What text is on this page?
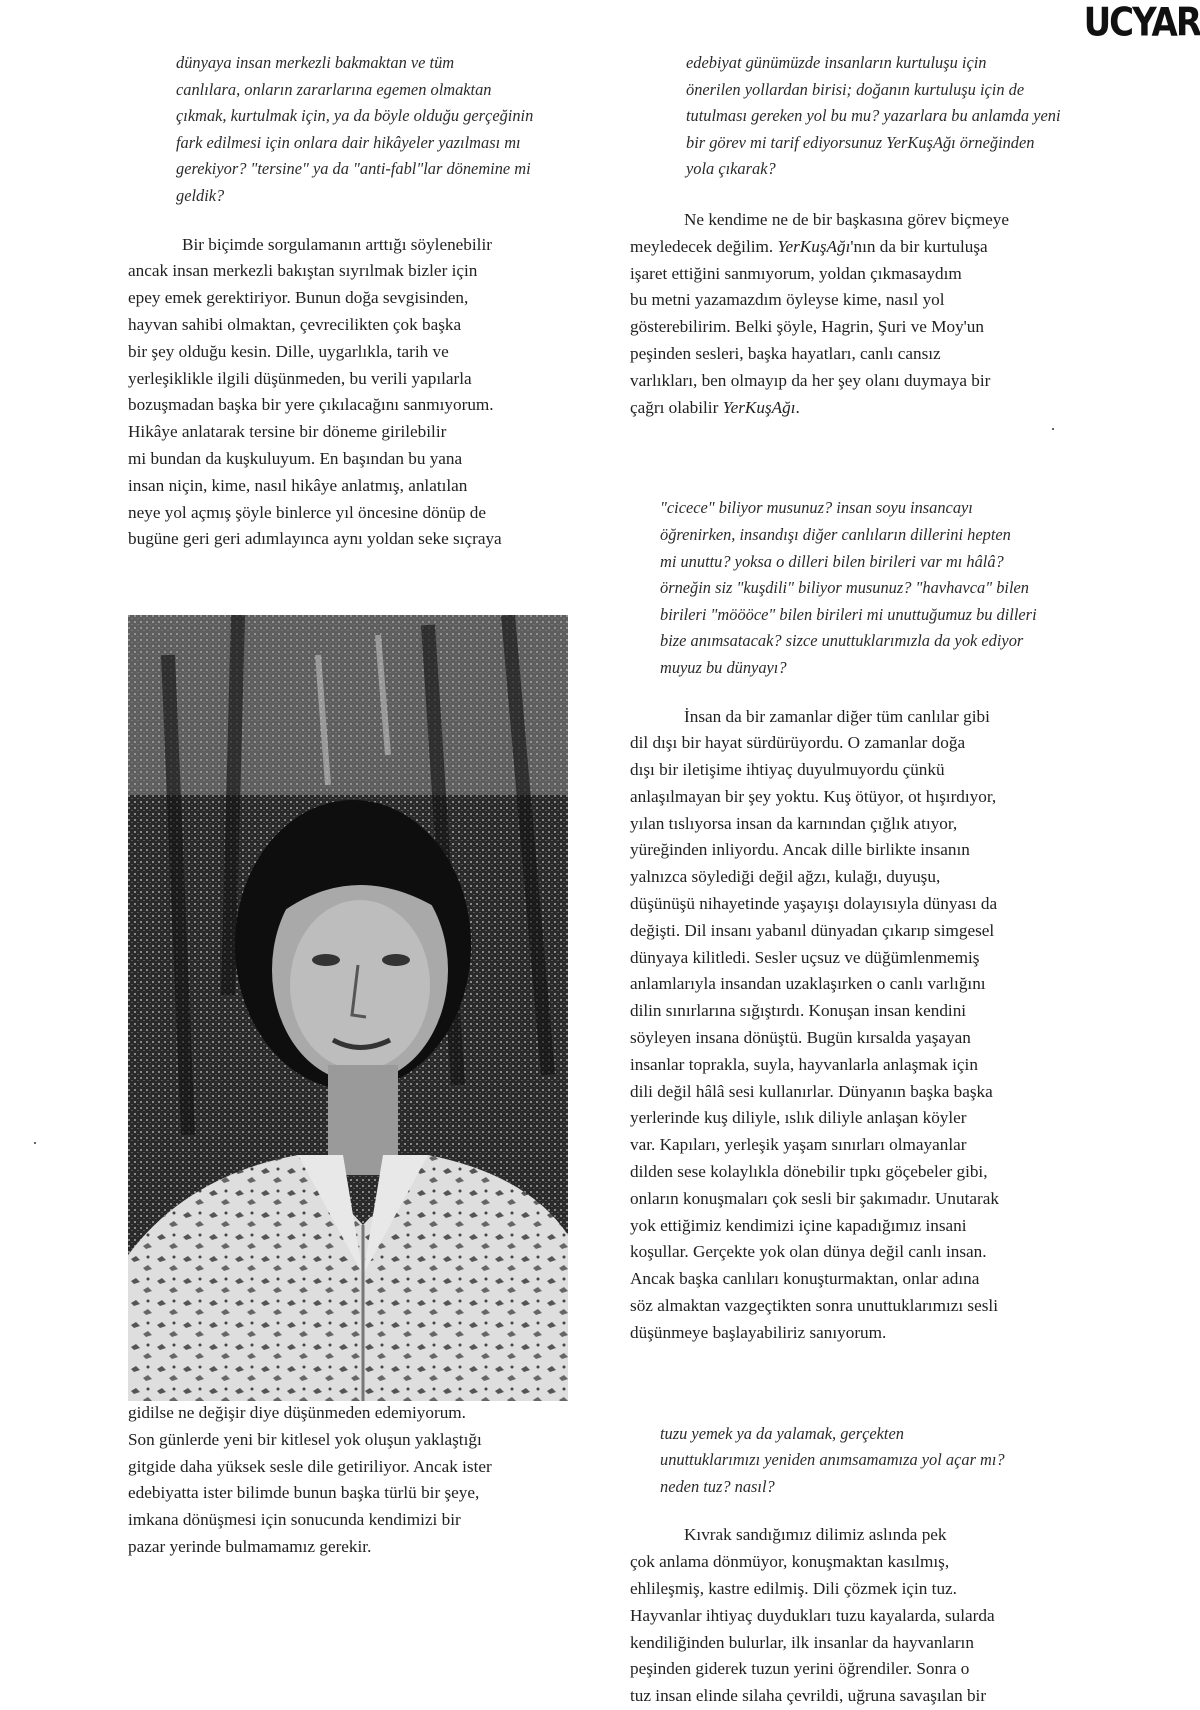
UCYAR

dünyaya insan merkezli bakmaktan ve tüm
canlılara, onların zararlarına egemen olmaktan
çıkmak, kurtulmak için, ya da böyle olduğu gerçeğinin
fark edilmesi için onlara dair hikâyeler yazılması mı
gerekiyor? "tersine" ya da "anti-fabl"lar dönemine mi
geldik?

Bir biçimde sorgulamanın arttığı söylenebilir
ancak insan merkezli bakıştan sıyrılmak bizler için
epey emek gerektiriyor. Bunun doğa sevgisinden,
hayvan sahibi olmaktan, çevrecilikten çok başka
bir şey olduğu kesin. Dille, uygarlıkla, tarih ve
yerleşiklikle ilgili düşünmeden, bu verili yapılarla
bozuşmadan başka bir yere çıkılacağını sanmıyorum.
Hikâye anlatarak tersine bir döneme girilebilir
mi bundan da kuşkuluyum. En başından bu yana
insan niçin, kime, nasıl hikâye anlatmış, anlatılan
neye yol açmış şöyle binlerce yıl öncesine dönüp de
bugüne geri geri adımlayınca aynı yoldan seke sıçraya

gidilse ne değişir diye düşünmeden edemiyorum.
Son günlerde yeni bir kitlesel yok oluşun yaklaştığı
gitgide daha yüksek sesle dile getiriliyor. Ancak ister
edebiyatta ister bilimde bunun başka türlü bir şeye,
imkana dönüşmesi için sonucunda kendimizi bir
pazar yerinde bulmamamız gerekir.

edebiyat günümüzde insanların kurtuluşu için
önerilen yollardan birisi; doğanın kurtuluşu için de
tutulması gereken yol bu mu? yazarlara bu anlamda yeni
bir görev mi tarif ediyorsunuz YerKuşAğı örneğinden
yola çıkarak?

Ne kendime ne de bir başkasına görev biçmeye
meyledecek değilim. YerKuşAğı'nın da bir kurtuluşa
işaret ettiğini sanmıyorum, yoldan çıkmasaydım
bu metni yazamazdım öyleyse kime, nasıl yol
gösterebilirim. Belki şöyle, Hagrin, Şuri ve Moy'un
peşinden sesleri, başka hayatları, canlı cansız
varlıkları, ben olmayıp da her şey olanı duymaya bir
çağrı olabilir YerKuşAğı.

"cicece" biliyor musunuz? insan soyu insancayı
öğrenirken, insandışı diğer canlıların dillerini hepten
mi unuttu? yoksa o dilleri bilen birileri var mı hâlâ?
örneğin siz "kuşdili" biliyor musunuz? "havhavca" bilen
birileri "möööce" bilen birileri mi unuttuğumuz bu dilleri
bize anımsatacak? sizce unuttuklarımızla da yok ediyor
muyuz bu dünyayı?

İnsan da bir zamanlar diğer tüm canlılar gibi
dil dışı bir hayat sürdürüyordu. O zamanlar doğa
dışı bir iletişime ihtiyaç duyulmuyordu çünkü
anlaşılmayan bir şey yoktu. Kuş ötüyor, ot hışırdıyor,
yılan tıslıyorsa insan da karnından çığlık atıyor,
yüreğinden inliyordu. Ancak dille birlikte insanın
yalnızca söylediği değil ağzı, kulağı, duyuşu,
düşünüşü nihayetinde yaşayışı dolayısıyla dünyası da
değişti. Dil insanı yabanıl dünyadan çıkarıp simgesel
dünyaya kilitledi. Sesler uçsuz ve düğümlenmemiş
anlamlarıyla insandan uzaklaşırken o canlı varlığını
dilin sınırlarına sığıştırdı. Konuşan insan kendini
söyleyen insana dönüştü. Bugün kırsalda yaşayan
insanlar toprakla, suyla, hayvanlarla anlaşmak için
dili değil hâlâ sesi kullanırlar. Dünyanın başka başka
yerlerinde kuş diliyle, ıslık diliyle anlaşan köyler
var. Kapıları, yerleşik yaşam sınırları olmayanlar
dilden sese kolaylıkla dönebilir tıpkı göçebeler gibi,
onların konuşmaları çok sesli bir şakımadır. Unutarak
yok ettiğimiz kendimizi içine kapadığımız insani
koşullar. Gerçekte yok olan dünya değil canlı insan.
Ancak başka canlıları konuşturmaktan, onlar adına
söz almaktan vazgeçtikten sonra unuttuklarımızı sesli
düşünmeye başlayabiliriz sanıyorum.

tuzu yemek ya da yalamak, gerçekten
unuttuklarımızı yeniden anımsamamıza yol açar mı?
neden tuz? nasıl?

Kıvrak sandığımız dilimiz aslında pek
çok anlama dönmüyor, konuşmaktan kasılmış,
ehlileşmiş, kastre edilmiş. Dili çözmek için tuz.
Hayvanlar ihtiyaç duydukları tuzu kayalarda, sularda
kendiliğinden bulurlar, ilk insanlar da hayvanların
peşinden giderek tuzun yerini öğrendiler. Sonra o
tuz insan elinde silaha çevrildi, uğruna savaşılan bir
